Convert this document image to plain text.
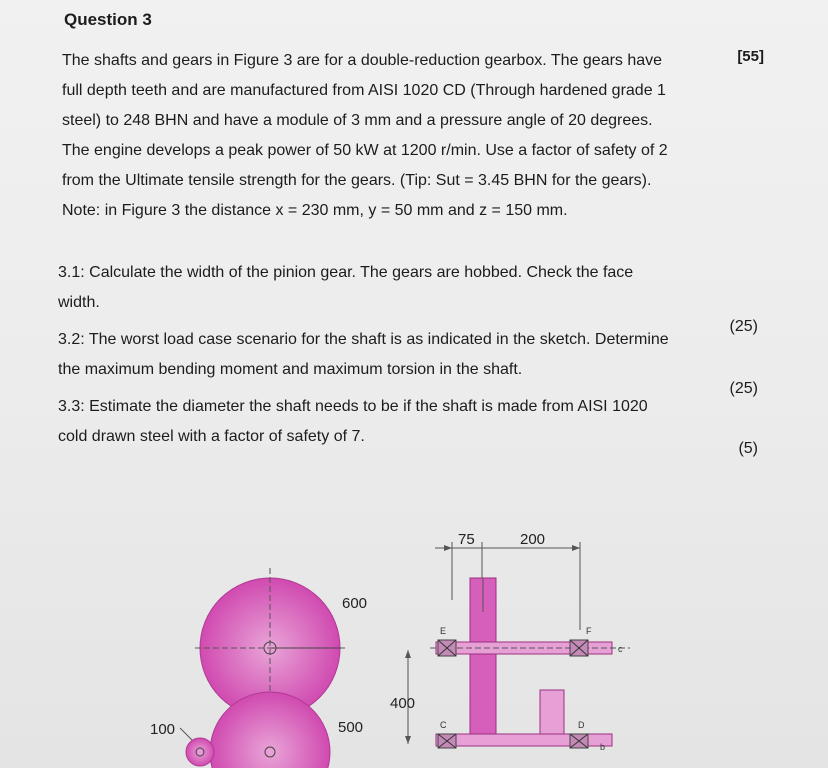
Question 3
[55]
The shafts and gears in Figure 3 are for a double-reduction gearbox. The gears have
full depth teeth and are manufactured from AISI 1020 CD (Through hardened grade 1
steel) to 248 BHN and have a module of 3 mm and a pressure angle of 20 degrees.
The engine develops a peak power of 50 kW at 1200 r/min. Use a factor of safety of 2
from the Ultimate tensile strength for the gears. (Tip: Sut = 3.45 BHN for the gears).
Note: in Figure 3 the distance x = 230 mm, y = 50 mm and z = 150 mm.
3.1: Calculate the width of the pinion gear. The gears are hobbed. Check the face
width.
(25)
3.2: The worst load case scenario for the shaft is as indicated in the sketch. Determine
the maximum bending moment and maximum torsion in the shaft.
(25)
3.3: Estimate the diameter the shaft needs to be if the shaft is made from AISI 1020
cold drawn steel with a factor of safety of 7.
(5)
600
500
100
400
75	200
E	F
c
C	D
b
